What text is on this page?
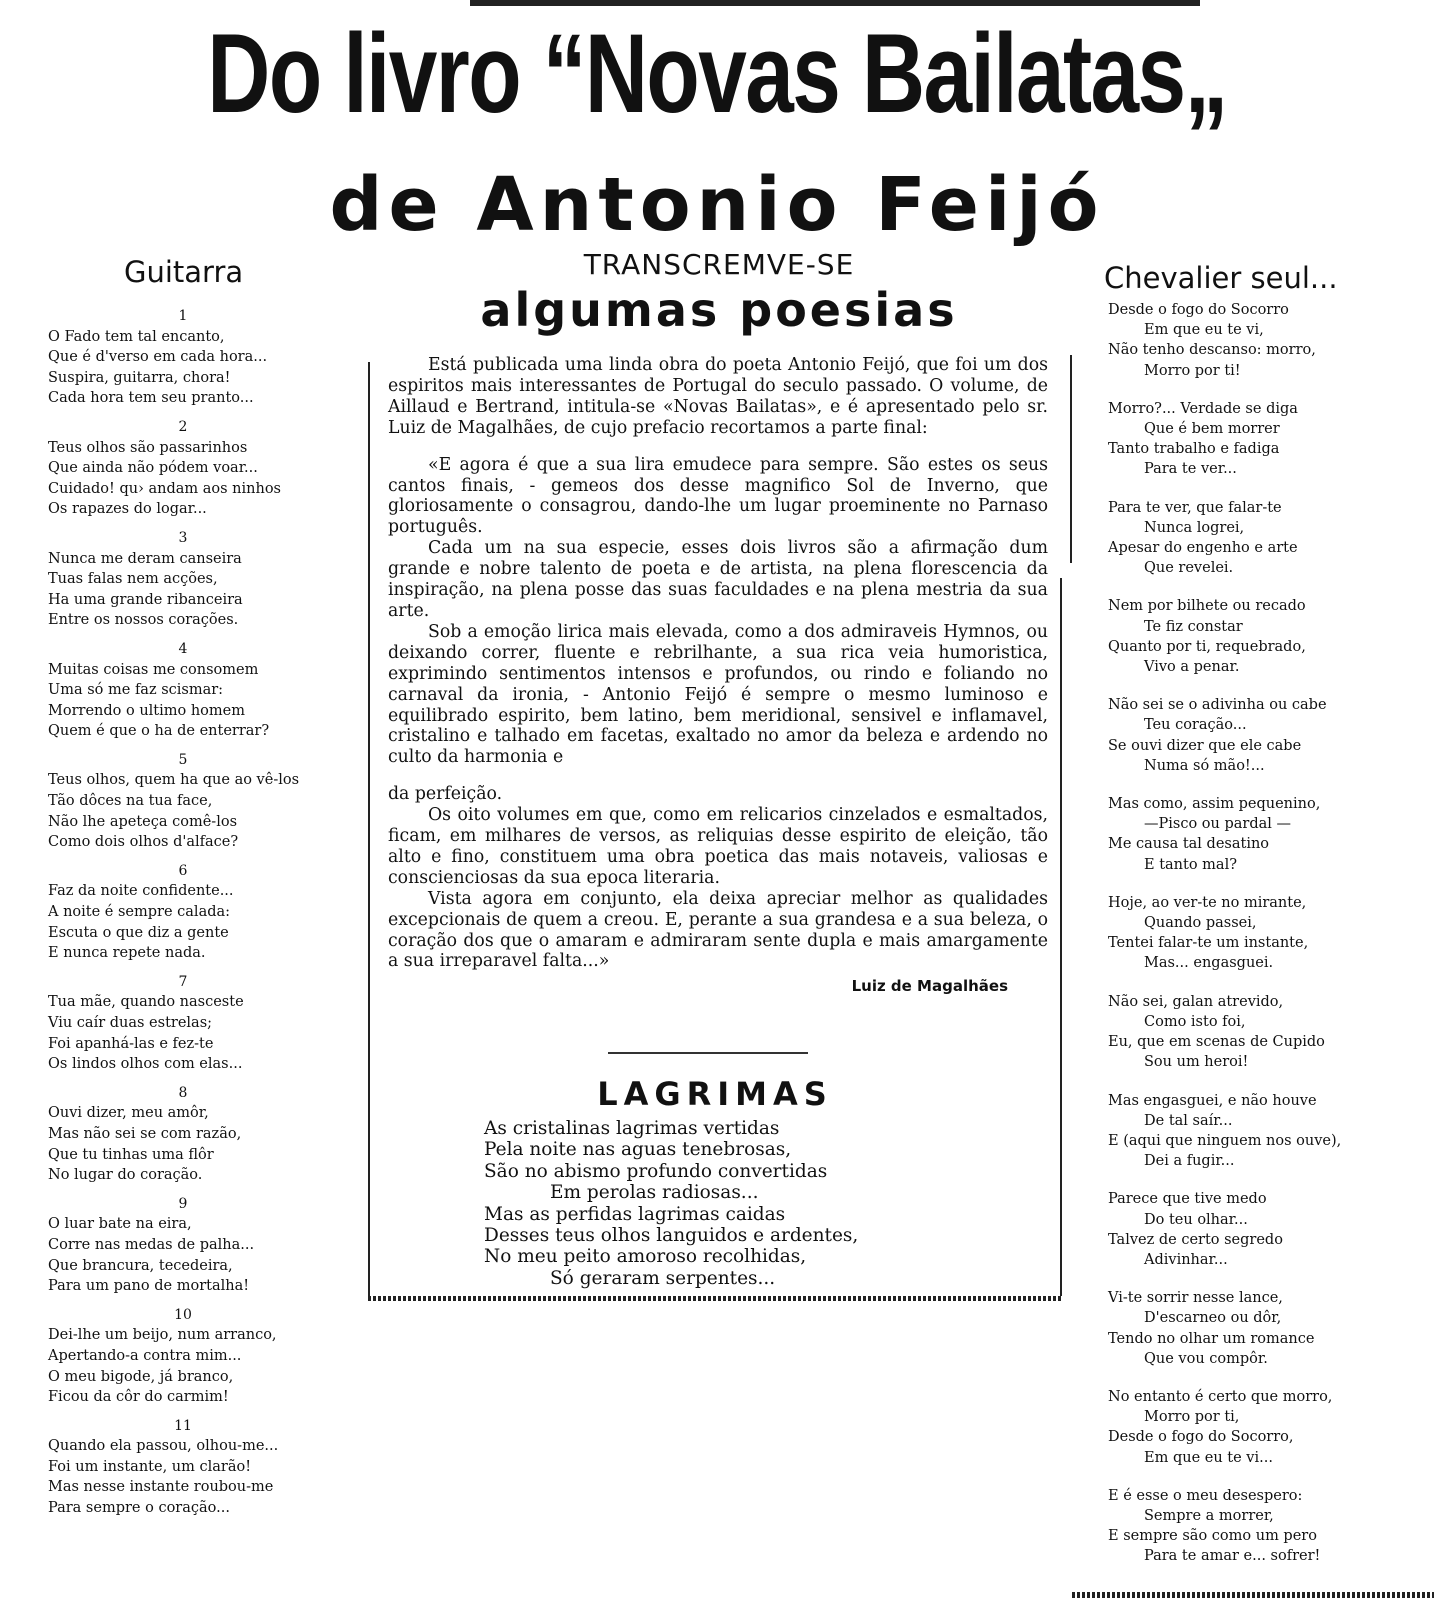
Do livro “Novas Bailatas„
de Antonio Feijó
Guitarra
1
O Fado tem tal encanto,
Que é d'verso em cada hora...
Suspira, guitarra, chora!
Cada hora tem seu pranto...
2
Teus olhos são passarinhos
Que ainda não pódem voar...
Cuidado! qu› andam aos ninhos
Os rapazes do logar...
3
Nunca me deram canseira
Tuas falas nem acções,
Ha uma grande ribanceira
Entre os nossos corações.
4
Muitas coisas me consomem
Uma só me faz scismar:
Morrendo o ultimo homem
Quem é que o ha de enterrar?
5
Teus olhos, quem ha que ao vê-los
Tão dôces na tua face,
Não lhe apeteça comê-los
Como dois olhos d'alface?
6
Faz da noite confidente...
A noite é sempre calada:
Escuta o que diz a gente
E nunca repete nada.
7
Tua mãe, quando nasceste
Viu caír duas estrelas;
Foi apanhá-las e fez-te
Os lindos olhos com elas...
8
Ouvi dizer, meu amôr,
Mas não sei se com razão,
Que tu tinhas uma flôr
No lugar do coração.
9
O luar bate na eira,
Corre nas medas de palha...
Que brancura, tecedeira,
Para um pano de mortalha!
10
Dei-lhe um beijo, num arranco,
Apertando-a contra mim...
O meu bigode, já branco,
Ficou da côr do carmim!
11
Quando ela passou, olhou-me...
Foi um instante, um clarão!
Mas nesse instante roubou-me
Para sempre o coração...
TRANSCREMVE-SE
algumas poesias

Está publicada uma linda obra do poeta Antonio Feijó, que foi um dos espiritos mais interessantes de Portugal do seculo passado. O volume, de Aillaud e Bertrand, intitula-se «Novas Bailatas», e é apresentado pelo sr. Luiz de Magalhães, de cujo prefacio recortamos a parte final:

«E agora é que a sua lira emudece para sempre. São estes os seus cantos finais, - gemeos dos desse magnifico Sol de Inverno, que gloriosamente o consagrou, dando-lhe um lugar proeminente no Parnaso português.

Cada um na sua especie, esses dois livros são a afirmação dum grande e nobre talento de poeta e de artista, na plena florescencia da inspiração, na plena posse das suas faculdades e na plena mestria da sua arte.

Sob a emoção lirica mais elevada, como a dos admiraveis Hymnos, ou deixando correr, fluente e rebrilhante, a sua rica veia humoristica, exprimindo sentimentos intensos e profundos, ou rindo e foliando no carnaval da ironia, - Antonio Feijó é sempre o mesmo luminoso e equilibrado espirito, bem latino, bem meridional, sensivel e inflamavel, cristalino e talhado em facetas, exaltado no amor da beleza e ardendo no culto da harmonia e

da perfeição.

Os oito volumes em que, como em relicarios cinzelados e esmaltados, ficam, em milhares de versos, as reliquias desse espirito de eleição, tão alto e fino, constituem uma obra poetica das mais notaveis, valiosas e conscienciosas da sua epoca literaria.

Vista agora em conjunto, ela deixa apreciar melhor as qualidades excepcionais de quem a creou. E, perante a sua grandesa e a sua beleza, o coração dos que o amaram e admiraram sente dupla e mais amargamente a sua irreparavel falta...»

Luiz de Magalhães
LAGRIMAS
As cristalinas lagrimas vertidas
Pela noite nas aguas tenebrosas,
São no abismo profundo convertidas
Em perolas radiosas...
Mas as perfidas lagrimas caidas
Desses teus olhos languidos e ardentes,
No meu peito amoroso recolhidas,
Só geraram serpentes...
Chevalier seul...
Desde o fogo do Socorro
Em que eu te vi,
Não tenho descanso: morro,
Morro por ti!
Morro?... Verdade se diga
Que é bem morrer
Tanto trabalho e fadiga
Para te ver...
Para te ver, que falar-te
Nunca logrei,
Apesar do engenho e arte
Que revelei.
Nem por bilhete ou recado
Te fiz constar
Quanto por ti, requebrado,
Vivo a penar.
Não sei se o adivinha ou cabe
Teu coração...
Se ouvi dizer que ele cabe
Numa só mão!...
Mas como, assim pequenino,
—Pisco ou pardal —
Me causa tal desatino
E tanto mal?
Hoje, ao ver-te no mirante,
Quando passei,
Tentei falar-te um instante,
Mas... engasguei.
Não sei, galan atrevido,
Como isto foi,
Eu, que em scenas de Cupido
Sou um heroi!
Mas engasguei, e não houve
De tal saír...
E (aqui que ninguem nos ouve),
Dei a fugir...
Parece que tive medo
Do teu olhar...
Talvez de certo segredo
Adivinhar...
Vi-te sorrir nesse lance,
D'escarneo ou dôr,
Tendo no olhar um romance
Que vou compôr.
No entanto é certo que morro,
Morro por ti,
Desde o fogo do Socorro,
Em que eu te vi...
E é esse o meu desespero:
Sempre a morrer,
E sempre são como um pero
Para te amar e... sofrer!
